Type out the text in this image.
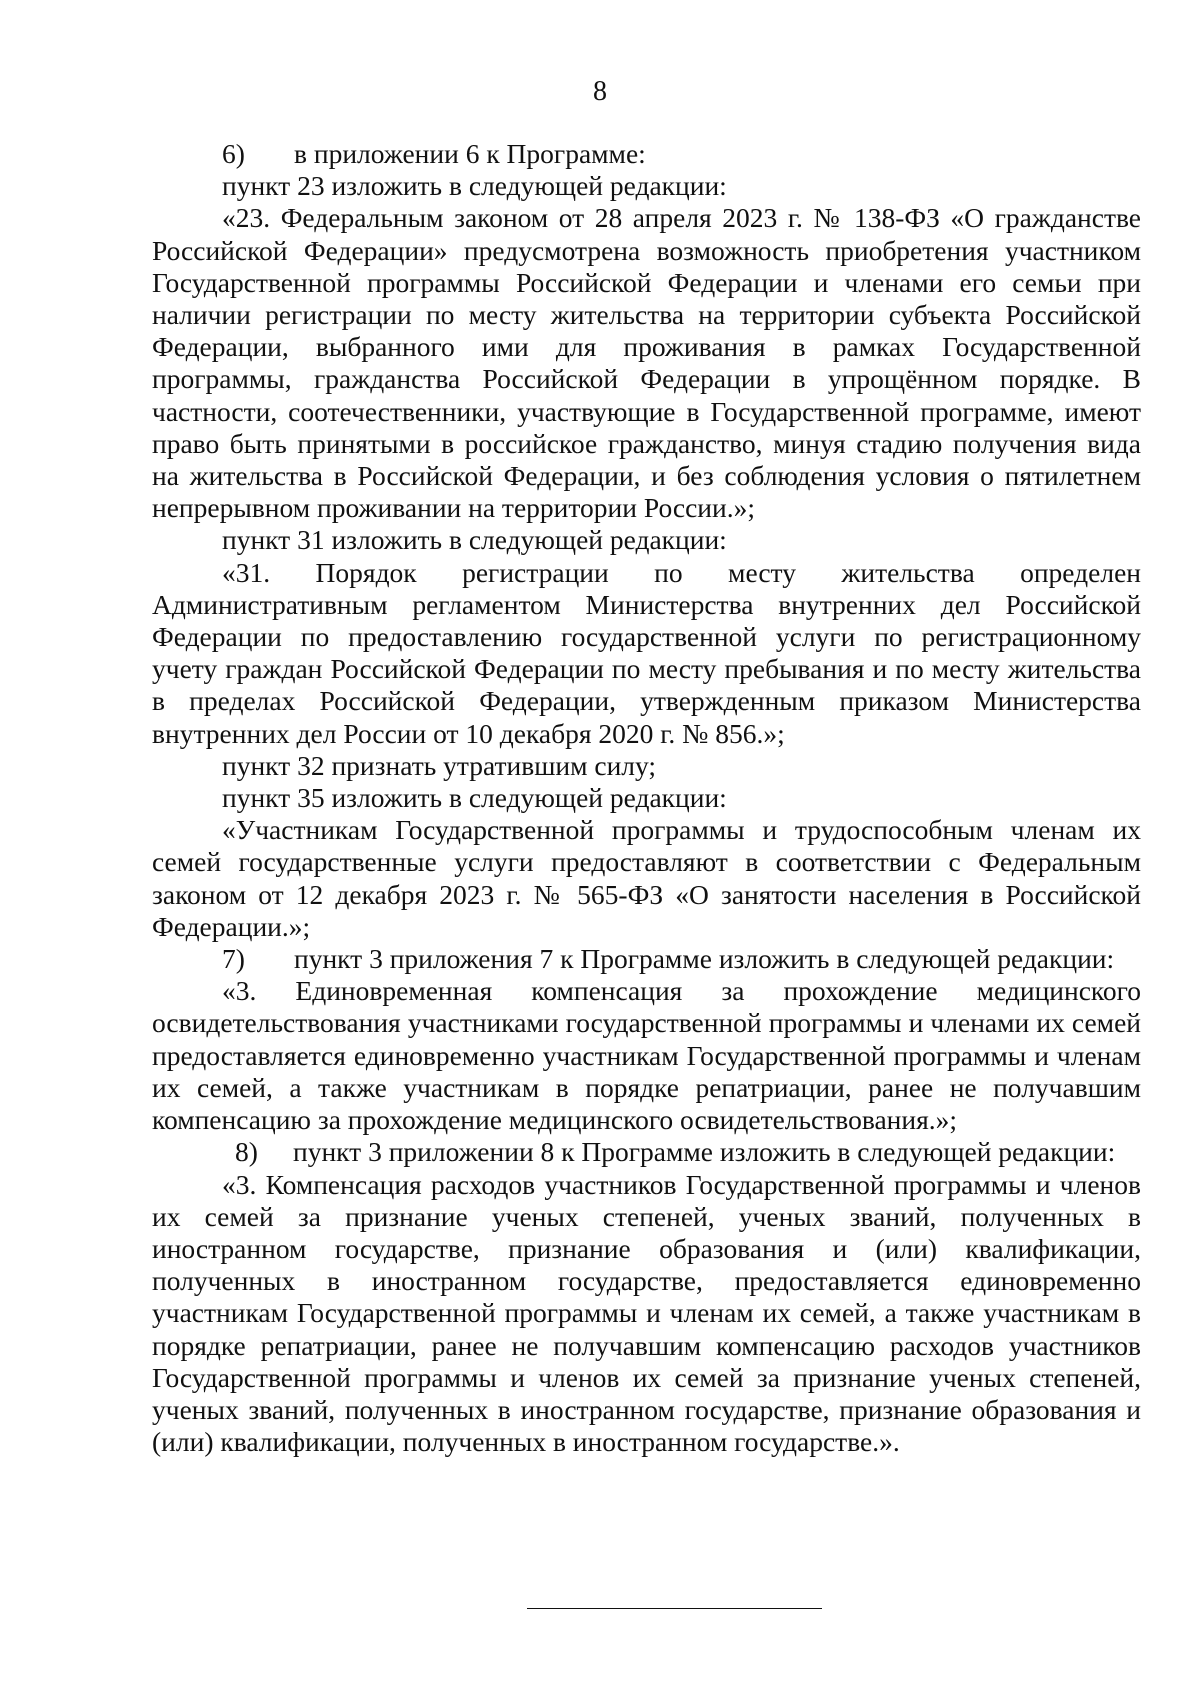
8

6) в приложении 6 к Программе:

пункт 23 изложить в следующей редакции:

«23. Федеральным законом от 28 апреля 2023 г. № 138-ФЗ «О гражданстве Российской Федерации» предусмотрена возможность приобретения участником Государственной программы Российской Федерации и членами его семьи при наличии регистрации по месту жительства на территории субъекта Российской Федерации, выбранного ими для проживания в рамках Государственной программы, гражданства Российской Федерации в упрощённом порядке. В частности, соотечественники, участвующие в Государственной программе, имеют право быть принятыми в российское гражданство, минуя стадию получения вида на жительства в Российской Федерации, и без соблюдения условия о пятилетнем непрерывном проживании на территории России.»;

пункт 31 изложить в следующей редакции:

«31. Порядок регистрации по месту жительства определен Административным регламентом Министерства внутренних дел Российской Федерации по предоставлению государственной услуги по регистрационному учету граждан Российской Федерации по месту пребывания и по месту жительства в пределах Российской Федерации, утвержденным приказом Министерства внутренних дел России от 10 декабря 2020 г. № 856.»;

пункт 32 признать утратившим силу;

пункт 35 изложить в следующей редакции:

«Участникам Государственной программы и трудоспособным членам их семей государственные услуги предоставляют в соответствии с Федеральным законом от 12 декабря 2023 г. № 565-ФЗ «О занятости населения в Российской Федерации.»;

7) пункт 3 приложения 7 к Программе изложить в следующей редакции:

«3. Единовременная компенсация за прохождение медицинского освидетельствования участниками государственной программы и членами их семей предоставляется единовременно участникам Государственной программы и членам их семей, а также участникам в порядке репатриации, ранее не получавшим компенсацию за прохождение медицинского освидетельствования.»;

8) пункт 3 приложении 8 к Программе изложить в следующей редакции:

«3. Компенсация расходов участников Государственной программы и членов их семей за признание ученых степеней, ученых званий, полученных в иностранном государстве, признание образования и (или) квалификации, полученных в иностранном государстве, предоставляется единовременно участникам Государственной программы и членам их семей, а также участникам в порядке репатриации, ранее не получавшим компенсацию расходов участников Государственной программы и членов их семей за признание ученых степеней, ученых званий, полученных в иностранном государстве, признание образования и (или) квалификации, полученных в иностранном государстве.».
